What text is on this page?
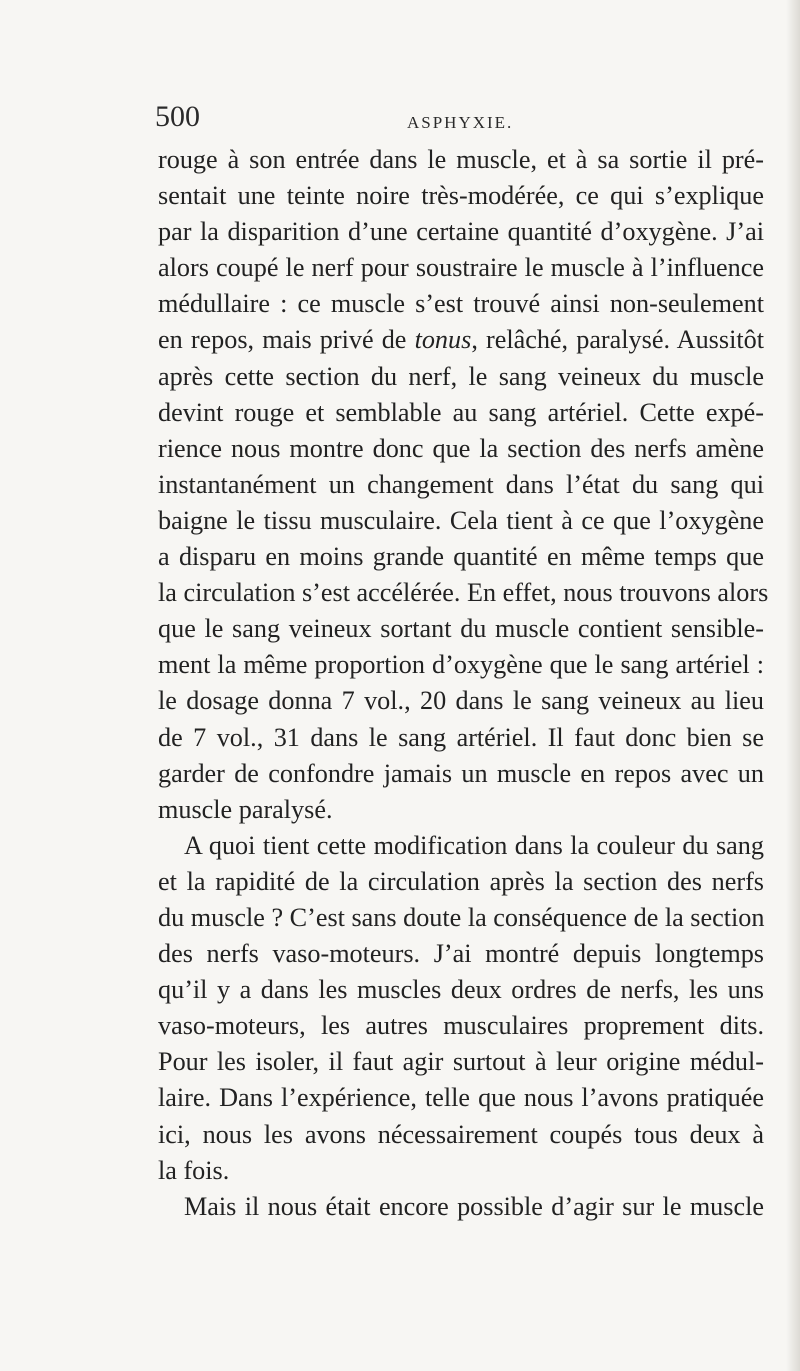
500	ASPHYXIE.
rouge à son entrée dans le muscle, et à sa sortie il pré-
sentait une teinte noire très-modérée, ce qui s’explique
par la disparition d’une certaine quantité d’oxygène. J’ai
alors coupé le nerf pour soustraire le muscle à l’influence
médullaire : ce muscle s’est trouvé ainsi non-seulement
en repos, mais privé de tonus, relâché, paralysé. Aussitôt
après cette section du nerf, le sang veineux du muscle
devint rouge et semblable au sang artériel. Cette expé-
rience nous montre donc que la section des nerfs amène
instantanément un changement dans l’état du sang qui
baigne le tissu musculaire. Cela tient à ce que l’oxygène
a disparu en moins grande quantité en même temps que
la circulation s’est accélérée. En effet, nous trouvons alors
que le sang veineux sortant du muscle contient sensible-
ment la même proportion d’oxygène que le sang artériel :
le dosage donna 7 vol., 20 dans le sang veineux au lieu
de 7 vol., 31 dans le sang artériel. Il faut donc bien se
garder de confondre jamais un muscle en repos avec un
muscle paralysé.
A quoi tient cette modification dans la couleur du sang
et la rapidité de la circulation après la section des nerfs
du muscle ? C’est sans doute la conséquence de la section
des nerfs vaso-moteurs. J’ai montré depuis longtemps
qu’il y a dans les muscles deux ordres de nerfs, les uns
vaso-moteurs, les autres musculaires proprement dits.
Pour les isoler, il faut agir surtout à leur origine médul-
laire. Dans l’expérience, telle que nous l’avons pratiquée
ici, nous les avons nécessairement coupés tous deux à
la fois.
Mais il nous était encore possible d’agir sur le muscle
